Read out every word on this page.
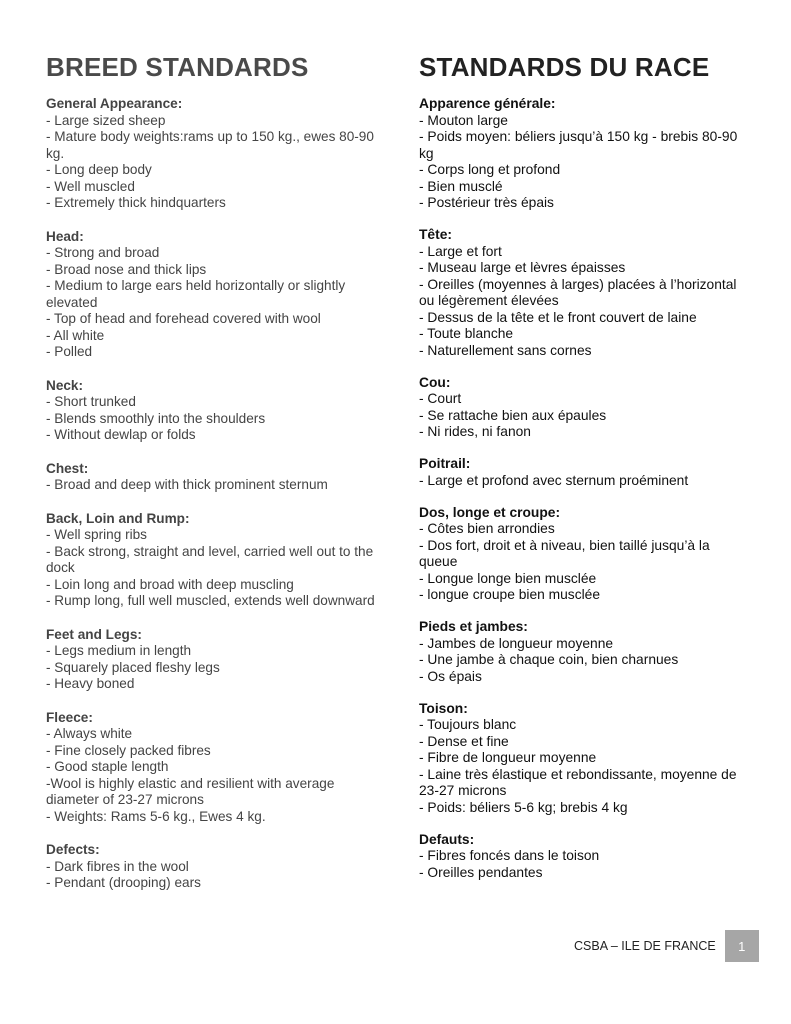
BREED STANDARDS
General Appearance:
- Large sized sheep
- Mature body weights:rams up to 150 kg., ewes 80-90 kg.
- Long deep body
- Well muscled
- Extremely thick hindquarters
Head:
- Strong and broad
- Broad nose and thick lips
- Medium to large ears held horizontally or slightly elevated
- Top of head and forehead covered with wool
- All white
- Polled
Neck:
- Short trunked
- Blends smoothly into the shoulders
- Without dewlap or folds
Chest:
- Broad and deep with thick prominent sternum
Back, Loin and Rump:
- Well spring ribs
- Back strong, straight and level, carried well out to the dock
- Loin long and broad with deep muscling
- Rump long, full well muscled, extends well downward
Feet and Legs:
- Legs medium in length
- Squarely placed fleshy legs
- Heavy boned
Fleece:
- Always white
- Fine closely packed fibres
- Good staple length
-Wool is highly elastic and resilient with average diameter of 23-27 microns
- Weights: Rams 5-6 kg., Ewes 4 kg.
Defects:
- Dark fibres in the wool
- Pendant (drooping) ears
STANDARDS DU RACE
Apparence générale:
- Mouton large
- Poids moyen: béliers jusqu’à 150 kg - brebis 80-90 kg
- Corps long et profond
- Bien musclé
- Postérieur très épais
Tête:
- Large et fort
- Museau large et lèvres épaisses
- Oreilles (moyennes à larges) placées à l’horizontal ou légèrement élevées
- Dessus de la tête et le front couvert de laine
- Toute blanche
- Naturellement sans cornes
Cou:
- Court
- Se rattache bien aux épaules
- Ni rides, ni fanon
Poitrail:
- Large et profond avec sternum proéminent
Dos, longe et croupe:
- Côtes bien arrondies
- Dos fort, droit et à niveau, bien taillé jusqu’à la queue
- Longue longe bien musclée
- longue croupe bien musclée
Pieds et jambes:
- Jambes de longueur moyenne
- Une jambe à chaque coin, bien charnues
- Os épais
Toison:
- Toujours blanc
- Dense et fine
- Fibre de longueur moyenne
- Laine très élastique et rebondissante, moyenne de 23-27 microns
- Poids: béliers 5-6 kg; brebis 4 kg
Defauts:
- Fibres foncés dans le toison
- Oreilles pendantes
CSBA – ILE DE FRANCE	1
